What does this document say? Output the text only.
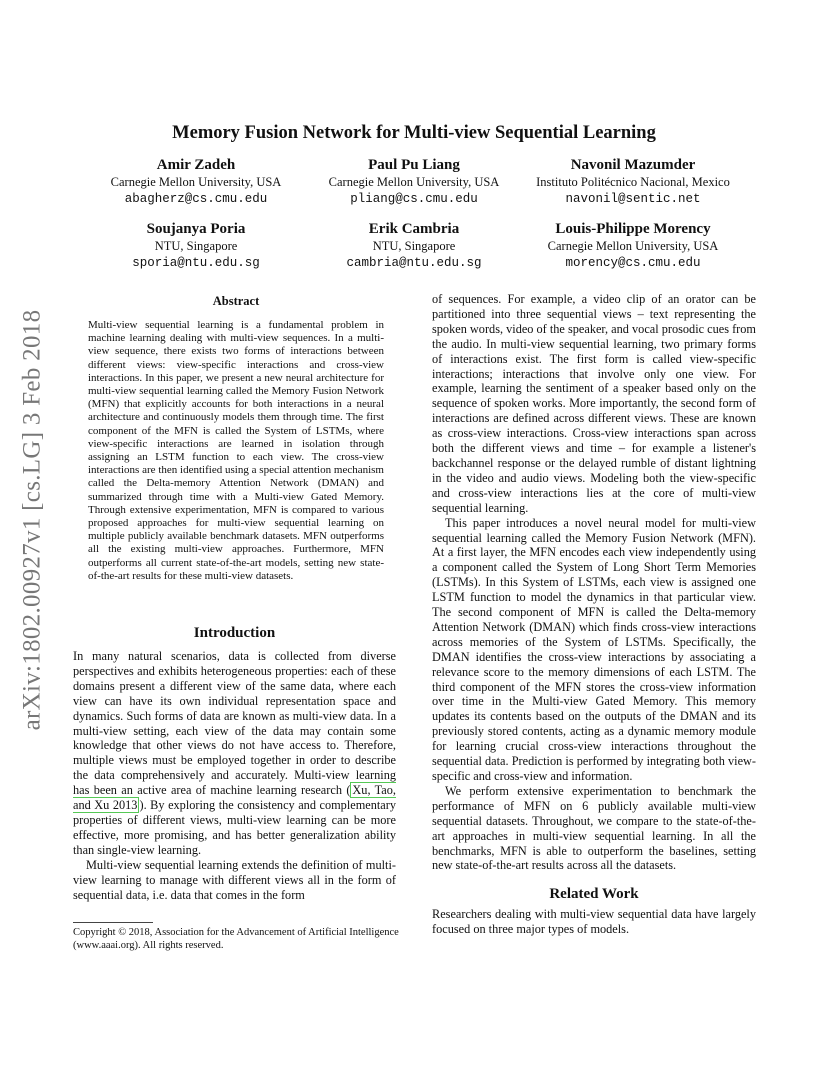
arXiv:1802.00927v1 [cs.LG] 3 Feb 2018
Memory Fusion Network for Multi-view Sequential Learning
Amir Zadeh
Carnegie Mellon University, USA
abagherz@cs.cmu.edu
Paul Pu Liang
Carnegie Mellon University, USA
pliang@cs.cmu.edu
Navonil Mazumder
Instituto Politécnico Nacional, Mexico
navonil@sentic.net
Soujanya Poria
NTU, Singapore
sporia@ntu.edu.sg
Erik Cambria
NTU, Singapore
cambria@ntu.edu.sg
Louis-Philippe Morency
Carnegie Mellon University, USA
morency@cs.cmu.edu
Abstract

Multi-view sequential learning is a fundamental problem in machine learning dealing with multi-view sequences. In a multi-view sequence, there exists two forms of interactions between different views: view-specific interactions and cross-view interactions. In this paper, we present a new neural architecture for multi-view sequential learning called the Memory Fusion Network (MFN) that explicitly accounts for both interactions in a neural architecture and continuously models them through time. The first component of the MFN is called the System of LSTMs, where view-specific interactions are learned in isolation through assigning an LSTM function to each view. The cross-view interactions are then identified using a special attention mechanism called the Delta-memory Attention Network (DMAN) and summarized through time with a Multi-view Gated Memory. Through extensive experimentation, MFN is compared to various proposed approaches for multi-view sequential learning on multiple publicly available benchmark datasets. MFN outperforms all the existing multi-view approaches. Furthermore, MFN outperforms all current state-of-the-art models, setting new state-of-the-art results for these multi-view datasets.

Introduction

In many natural scenarios, data is collected from diverse perspectives and exhibits heterogeneous properties: each of these domains present a different view of the same data, where each view can have its own individual representation space and dynamics. Such forms of data are known as multi-view data. In a multi-view setting, each view of the data may contain some knowledge that other views do not have access to. Therefore, multiple views must be employed together in order to describe the data comprehensively and accurately. Multi-view learning has been an active area of machine learning research ( Xu, Tao, and Xu 2013 ). By exploring the consistency and complementary properties of different views, multi-view learning can be more effective, more promising, and has better generalization ability than single-view learning.

Multi-view sequential learning extends the definition of multi-view learning to manage with different views all in the form of sequential data, i.e. data that comes in the form

Copyright © 2018, Association for the Advancement of Artificial Intelligence (www.aaai.org). All rights reserved.

of sequences. For example, a video clip of an orator can be partitioned into three sequential views – text representing the spoken words, video of the speaker, and vocal prosodic cues from the audio. In multi-view sequential learning, two primary forms of interactions exist. The first form is called view-specific interactions; interactions that involve only one view. For example, learning the sentiment of a speaker based only on the sequence of spoken works. More importantly, the second form of interactions are defined across different views. These are known as cross-view interactions. Cross-view interactions span across both the different views and time – for example a listener's backchannel response or the delayed rumble of distant lightning in the video and audio views. Modeling both the view-specific and cross-view interactions lies at the core of multi-view sequential learning.

This paper introduces a novel neural model for multi-view sequential learning called the Memory Fusion Network (MFN). At a first layer, the MFN encodes each view independently using a component called the System of Long Short Term Memories (LSTMs). In this System of LSTMs, each view is assigned one LSTM function to model the dynamics in that particular view. The second component of MFN is called the Delta-memory Attention Network (DMAN) which finds cross-view interactions across memories of the System of LSTMs. Specifically, the DMAN identifies the cross-view interactions by associating a relevance score to the memory dimensions of each LSTM. The third component of the MFN stores the cross-view information over time in the Multi-view Gated Memory. This memory updates its contents based on the outputs of the DMAN and its previously stored contents, acting as a dynamic memory module for learning crucial cross-view interactions throughout the sequential data. Prediction is performed by integrating both view-specific and cross-view and information.

We perform extensive experimentation to benchmark the performance of MFN on 6 publicly available multi-view sequential datasets. Throughout, we compare to the state-of-the-art approaches in multi-view sequential learning. In all the benchmarks, MFN is able to outperform the baselines, setting new state-of-the-art results across all the datasets.

Related Work

Researchers dealing with multi-view sequential data have largely focused on three major types of models.
